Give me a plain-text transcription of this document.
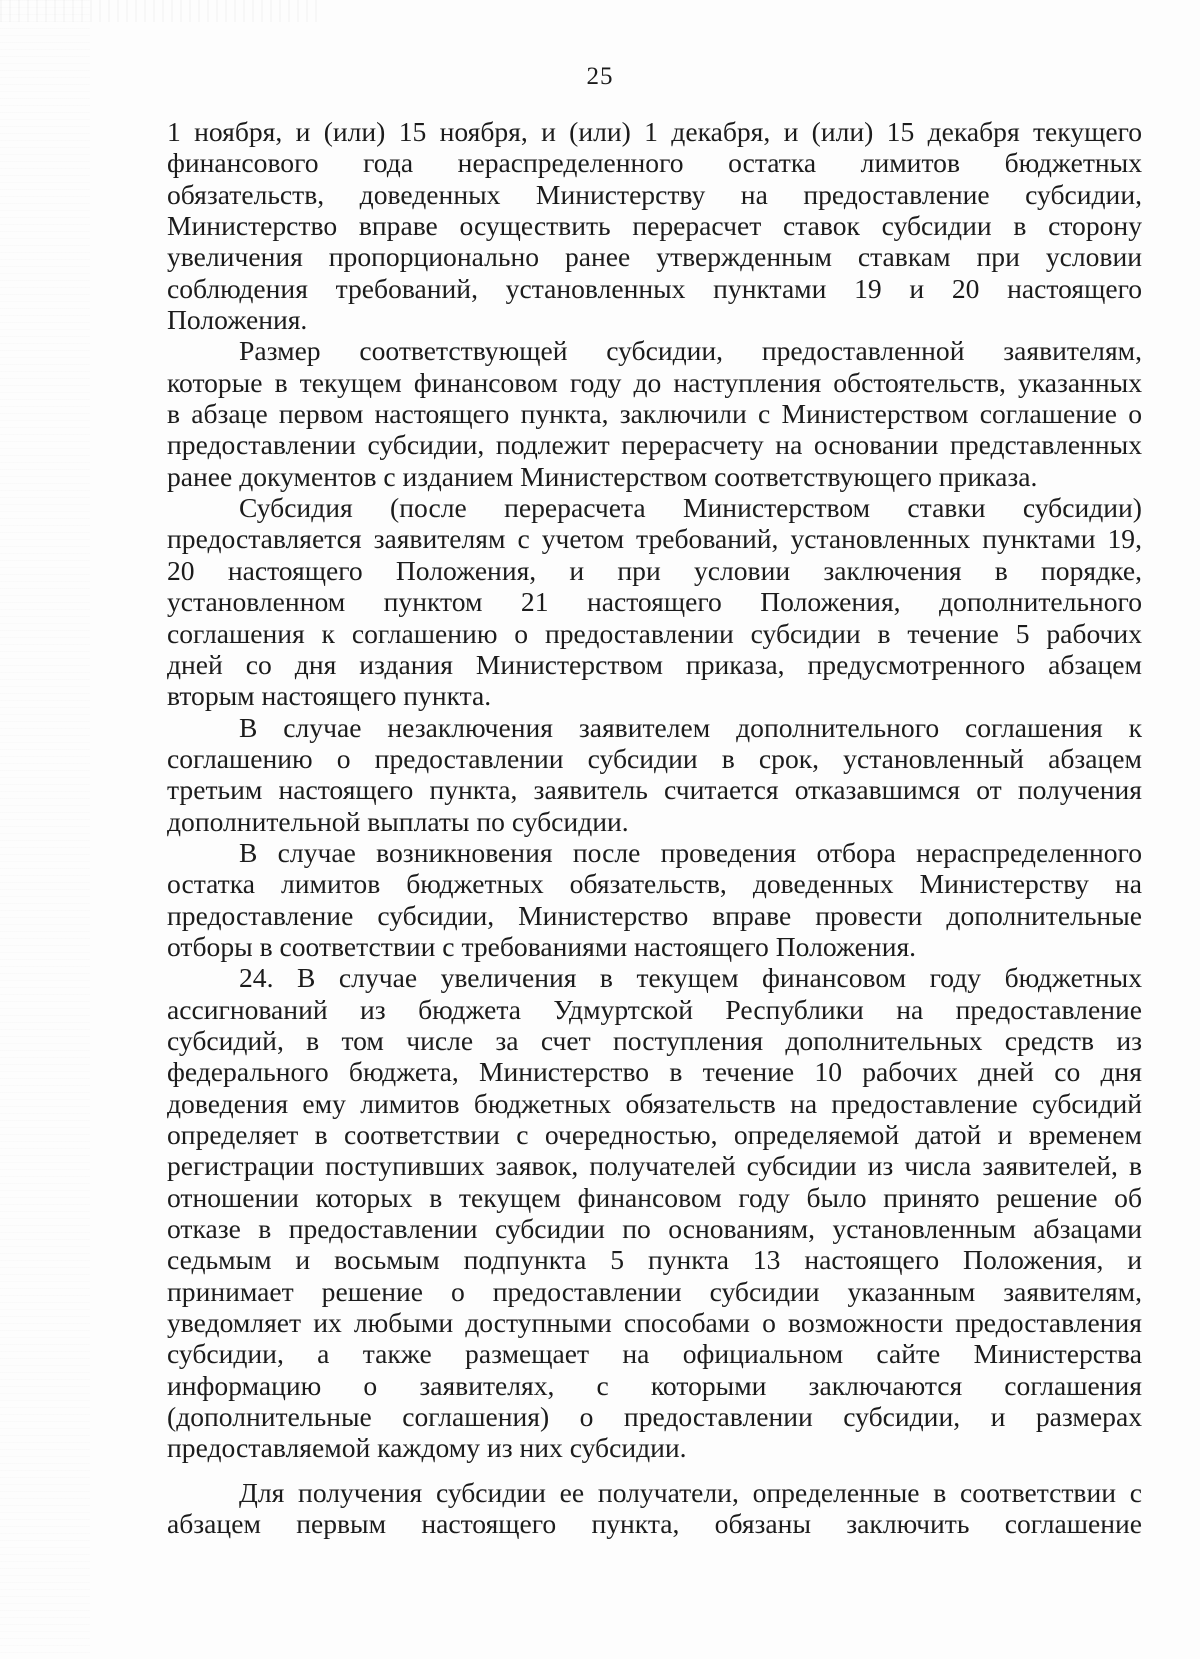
25

1 ноября, и (или) 15 ноября, и (или) 1 декабря, и (или) 15 декабря текущего
финансового года нераспределенного остатка лимитов бюджетных
обязательств, доведенных Министерству на предоставление субсидии,
Министерство вправе осуществить перерасчет ставок субсидии в сторону
увеличения пропорционально ранее утвержденным ставкам при условии
соблюдения требований, установленных пунктами 19 и 20 настоящего
Положения.

Размер соответствующей субсидии, предоставленной заявителям,
которые в текущем финансовом году до наступления обстоятельств, указанных
в абзаце первом настоящего пункта, заключили с Министерством соглашение о
предоставлении субсидии, подлежит перерасчету на основании представленных
ранее документов с изданием Министерством соответствующего приказа.

Субсидия (после перерасчета Министерством ставки субсидии)
предоставляется заявителям с учетом требований, установленных пунктами 19,
20 настоящего Положения, и при условии заключения в порядке,
установленном пунктом 21 настоящего Положения, дополнительного
соглашения к соглашению о предоставлении субсидии в течение 5 рабочих
дней со дня издания Министерством приказа, предусмотренного абзацем
вторым настоящего пункта.

В случае незаключения заявителем дополнительного соглашения к
соглашению о предоставлении субсидии в срок, установленный абзацем
третьим настоящего пункта, заявитель считается отказавшимся от получения
дополнительной выплаты по субсидии.

В случае возникновения после проведения отбора нераспределенного
остатка лимитов бюджетных обязательств, доведенных Министерству на
предоставление субсидии, Министерство вправе провести дополнительные
отборы в соответствии с требованиями настоящего Положения.

24. В случае увеличения в текущем финансовом году бюджетных
ассигнований из бюджета Удмуртской Республики на предоставление
субсидий, в том числе за счет поступления дополнительных средств из
федерального бюджета, Министерство в течение 10 рабочих дней со дня
доведения ему лимитов бюджетных обязательств на предоставление субсидий
определяет в соответствии с очередностью, определяемой датой и временем
регистрации поступивших заявок, получателей субсидии из числа заявителей, в
отношении которых в текущем финансовом году было принято решение об
отказе в предоставлении субсидии по основаниям, установленным абзацами
седьмым и восьмым подпункта 5 пункта 13 настоящего Положения, и
принимает решение о предоставлении субсидии указанным заявителям,
уведомляет их любыми доступными способами о возможности предоставления
субсидии, а также размещает на официальном сайте Министерства
информацию о заявителях, с которыми заключаются соглашения
(дополнительные соглашения) о предоставлении субсидии, и размерах
предоставляемой каждому из них субсидии.

Для получения субсидии ее получатели, определенные в соответствии с
абзацем первым настоящего пункта, обязаны заключить соглашение
